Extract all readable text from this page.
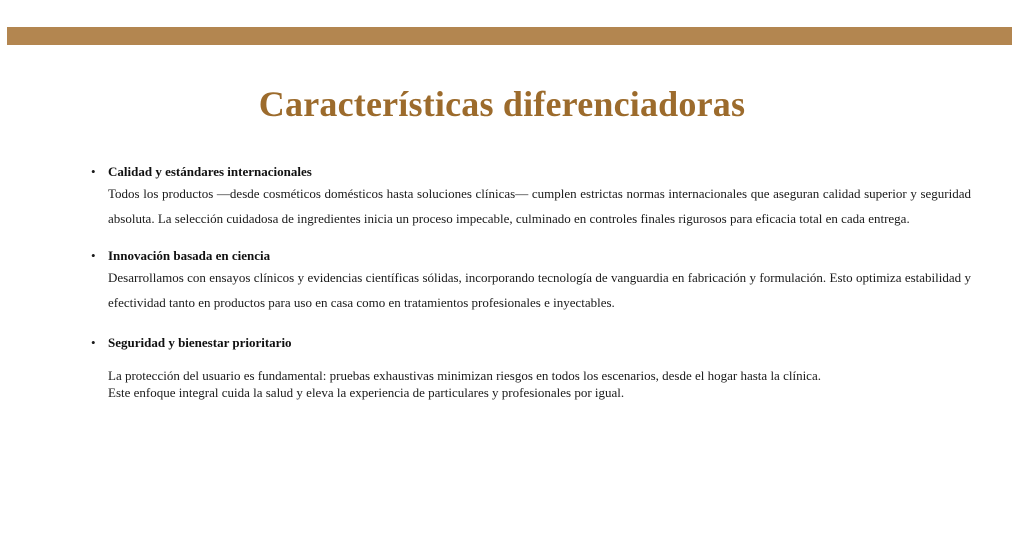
Características diferenciadoras
• Calidad y estándares internacionales
Todos los productos —desde cosméticos domésticos hasta soluciones clínicas— cumplen estrictas normas internacionales que aseguran calidad superior y seguridad absoluta. La selección cuidadosa de ingredientes inicia un proceso impecable, culminado en controles finales rigurosos para eficacia total en cada entrega.
• Innovación basada en ciencia
Desarrollamos con ensayos clínicos y evidencias científicas sólidas, incorporando tecnología de vanguardia en fabricación y formulación. Esto optimiza estabilidad y efectividad tanto en productos para uso en casa como en tratamientos profesionales e inyectables.
• Seguridad y bienestar prioritario
La protección del usuario es fundamental: pruebas exhaustivas minimizan riesgos en todos los escenarios, desde el hogar hasta la clínica.
Este enfoque integral cuida la salud y eleva la experiencia de particulares y profesionales por igual.
